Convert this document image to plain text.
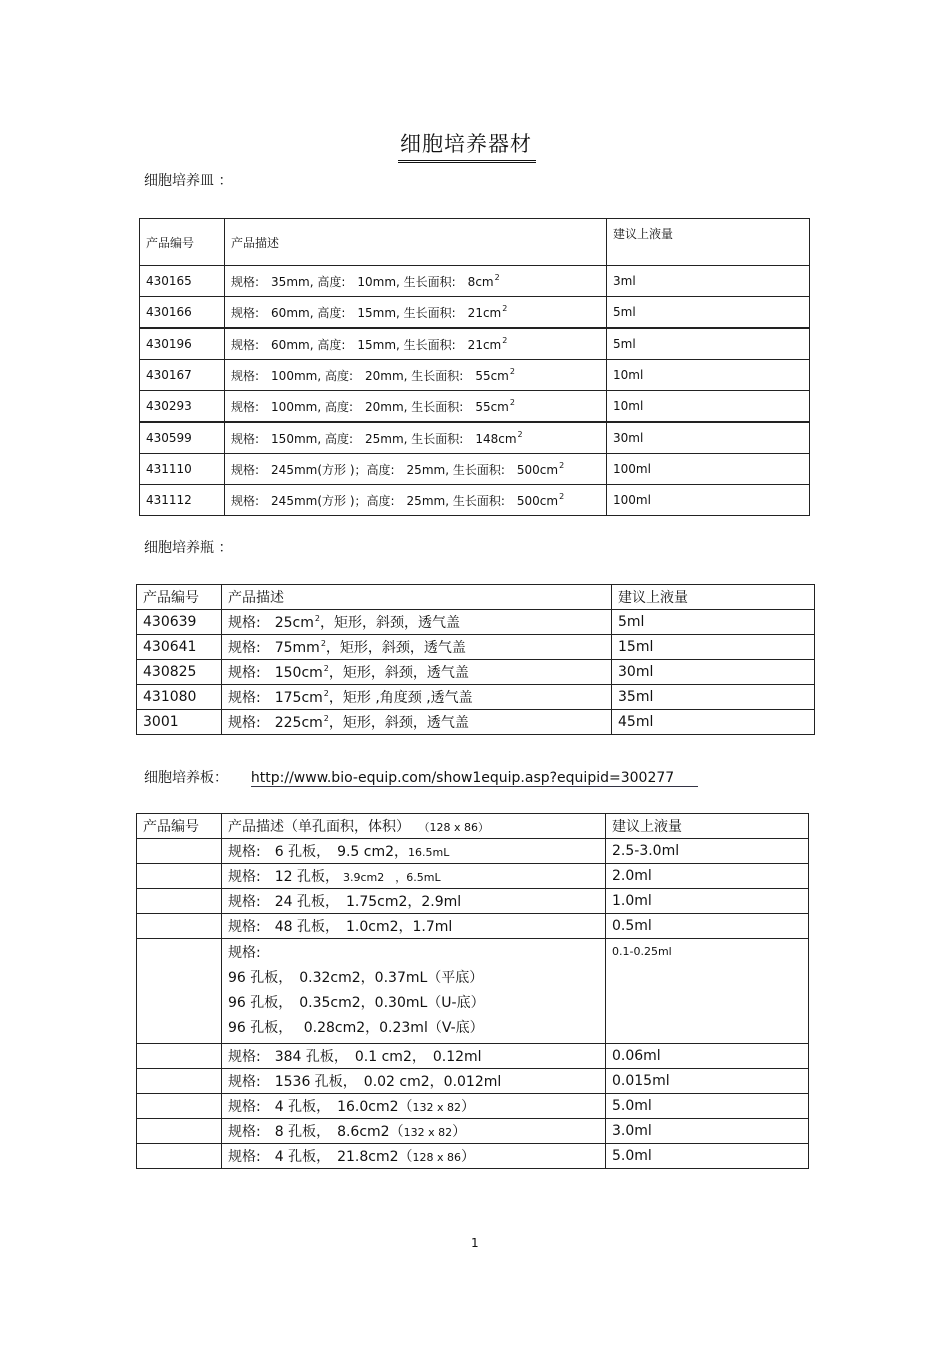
细胞培养器材
细胞培养皿 ：
产品编号	产品描述	建议上液量
430165	规格:　35mm, 高度:　10mm, 生长面积:　$8cm^2$	3ml
430166	规格:　60mm, 高度:　15mm, 生长面积:　$21cm^2$	5ml
430196	规格:　60mm, 高度:　15mm, 生长面积:　$21cm^2$	5ml
430167	规格:　100mm, 高度:　20mm, 生长面积:　$55cm^2$	10ml
430293	规格:　100mm, 高度:　20mm, 生长面积:　$55cm^2$	10ml
430599	规格:　150mm, 高度:　25mm, 生长面积:　$148cm^2$	30ml
431110	规格:　245mm(方形 )；高度:　25mm, 生长面积:　$500cm^2$	100ml
431112	规格:　245mm(方形 )；高度:　25mm, 生长面积:　$500cm^2$	100ml
细胞培养瓶 ：
产品编号	产品描述	建议上液量
430639	规格:　$25cm^2$，矩形，斜颈，透气盖	5ml
430641	规格:　$75mm^2$，矩形，斜颈，透气盖	15ml
430825	规格:　$150cm^2$，矩形，斜颈，透气盖	30ml
431080	规格:　$175cm^2$，矩形 ,角度颈 ,透气盖	35ml
3001	规格:　$225cm^2$，矩形，斜颈，透气盖	45ml
细胞培养板： http://www.bio-equip.com/show1equip.asp?equipid=300277
产品编号	产品描述（单孔面积，体积） （128 x 86）	建议上液量
	规格:　6 孔板，　9.5 cm2，16.5mL	2.5-3.0ml
	规格:　12 孔板，　3.9cm2　，6.5mL	2.0ml
	规格:　24 孔板，　1.75cm2，2.9ml	1.0ml
	规格:　48 孔板，　1.0cm2，1.7ml	0.5ml

	规格:
96 孔板，　0.32cm2，0.37mL（平底）
96 孔板，　0.35cm2，0.30mL（U-底）
96 孔板，　 0.28cm2，0.23ml（V-底）	0.1-0.25ml
	规格:　384 孔板，　0.1 cm2，　0.12ml	0.06ml
	规格:　1536 孔板，　0.02 cm2，0.012ml	0.015ml
	规格:　4 孔板，　16.0cm2（132 x 82）	5.0ml
	规格:　8 孔板，　8.6cm2（132 x 82）	3.0ml
	规格:　4 孔板，　21.8cm2（128 x 86）	5.0ml
1
